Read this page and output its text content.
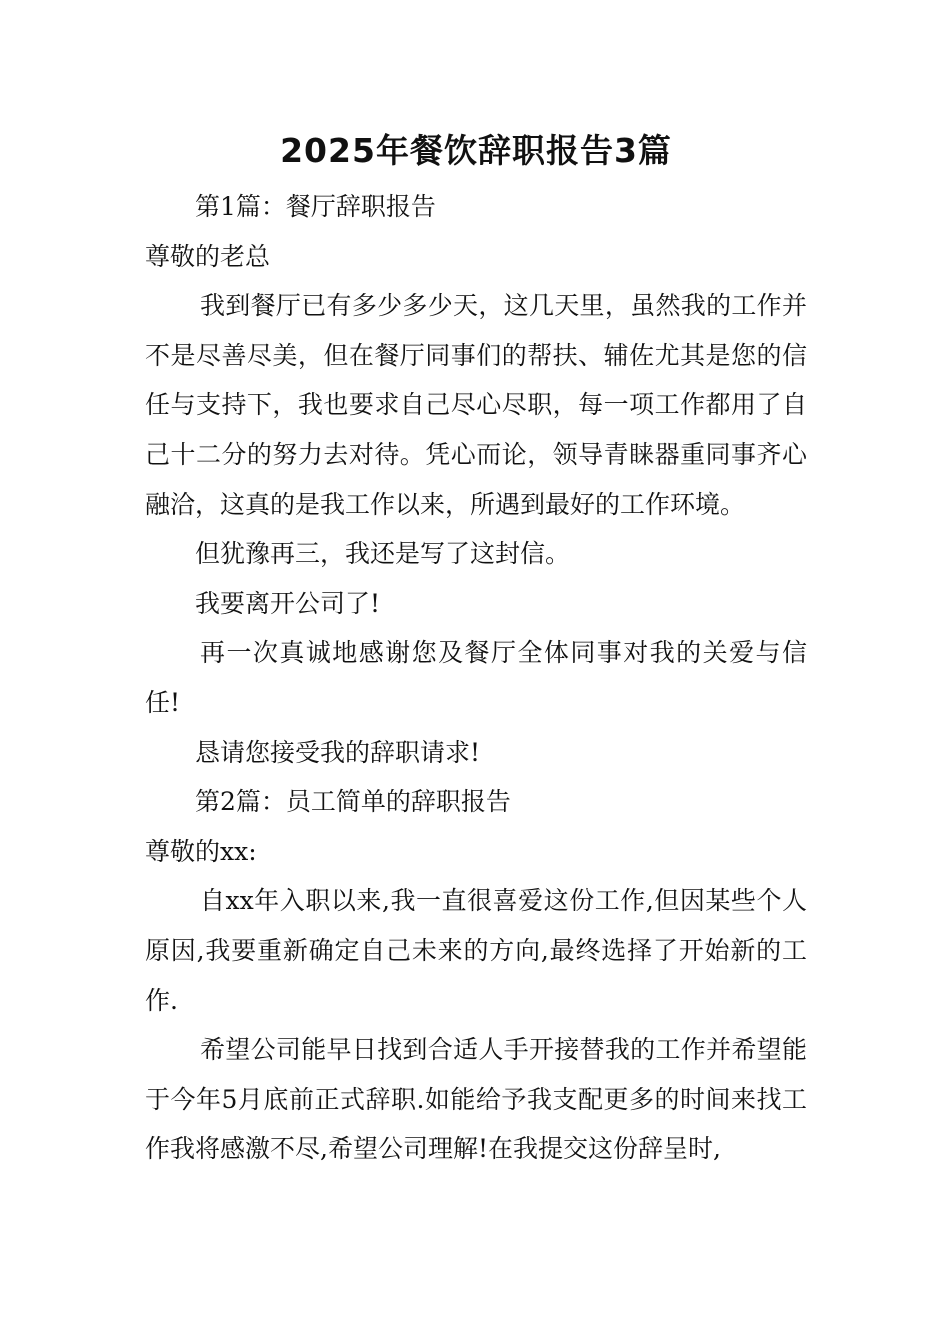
2025年餐饮辞职报告3篇

第1篇：餐厅辞职报告

尊敬的老总

我到餐厅已有多少多少天，这几天里，虽然我的工作并不是尽善尽美，但在餐厅同事们的帮扶、辅佐尤其是您的信任与支持下，我也要求自己尽心尽职，每一项工作都用了自己十二分的努力去对待。凭心而论，领导青睐器重同事齐心融洽，这真的是我工作以来，所遇到最好的工作环境。

但犹豫再三，我还是写了这封信。

我要离开公司了!

再一次真诚地感谢您及餐厅全体同事对我的关爱与信任!

恳请您接受我的辞职请求!

第2篇：员工简单的辞职报告

尊敬的xx:

自xx年入职以来,我一直很喜爱这份工作,但因某些个人原因,我要重新确定自己未来的方向,最终选择了开始新的工作.

希望公司能早日找到合适人手开接替我的工作并希望能于今年5月底前正式辞职.如能给予我支配更多的时间来找工作我将感激不尽,希望公司理解!在我提交这份辞呈时,
